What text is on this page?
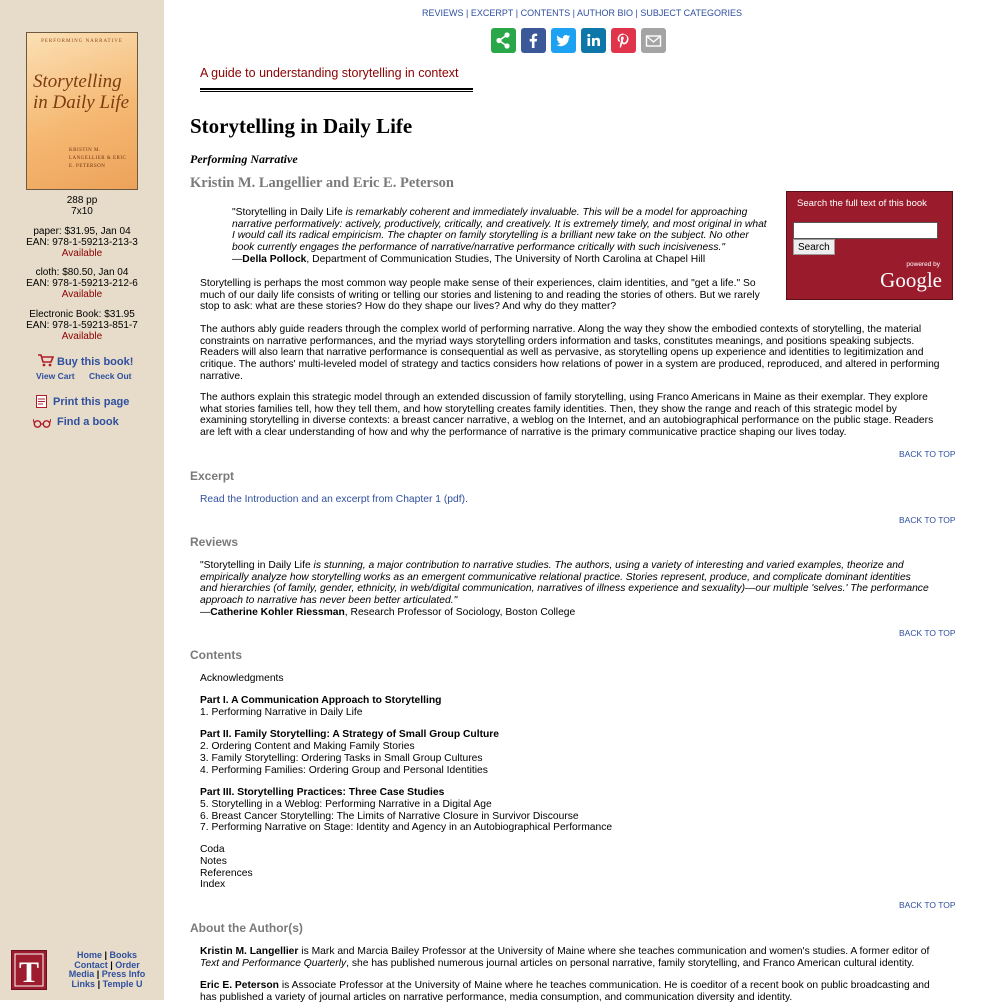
PERFORMING NARRATIVE
Storytelling in Daily Life
KRISTIN M. LANGELLIER & ERIC E. PETERSON
288 pp
7x10
paper: $31.95, Jan 04
EAN: 978-1-59213-213-3
Available
cloth: $80.50, Jan 04
EAN: 978-1-59213-212-6
Available
Electronic Book: $31.95
EAN: 978-1-59213-851-7
Available
Buy this book!
View Cart Check Out
Print this page
Find a book
T
Home | Books
Contact | Order
Media | Press Info
Links | Temple U
REVIEWS | EXCERPT | CONTENTS | AUTHOR BIO | SUBJECT CATEGORIES
A guide to understanding storytelling in context
Storytelling in Daily Life
Performing Narrative
Kristin M. Langellier and Eric E. Peterson
Search the full text of this book
Search
powered by
Google
"Storytelling in Daily Life is remarkably coherent and immediately invaluable. This will be a model for approaching narrative performatively: actively, productively, critically, and creatively. It is extremely timely, and most original in what I would call its radical empiricism. The chapter on family storytelling is a brilliant new take on the subject. No other book currently engages the performance of narrative/narrative performance critically with such incisiveness."
—Della Pollock, Department of Communication Studies, The University of North Carolina at Chapel Hill
Storytelling is perhaps the most common way people make sense of their experiences, claim identities, and "get a life." So much of our daily life consists of writing or telling our stories and listening to and reading the stories of others. But we rarely stop to ask: what are these stories? How do they shape our lives? And why do they matter?
The authors ably guide readers through the complex world of performing narrative. Along the way they show the embodied contexts of storytelling, the material constraints on narrative performances, and the myriad ways storytelling orders information and tasks, constitutes meanings, and positions speaking subjects. Readers will also learn that narrative performance is consequential as well as pervasive, as storytelling opens up experience and identities to legitimization and critique. The authors' multi-leveled model of strategy and tactics considers how relations of power in a system are produced, reproduced, and altered in performing narrative.
The authors explain this strategic model through an extended discussion of family storytelling, using Franco Americans in Maine as their exemplar. They explore what stories families tell, how they tell them, and how storytelling creates family identities. Then, they show the range and reach of this strategic model by examining storytelling in diverse contexts: a breast cancer narrative, a weblog on the Internet, and an autobiographical performance on the public stage. Readers are left with a clear understanding of how and why the performance of narrative is the primary communicative practice shaping our lives today.
BACK TO TOP
Excerpt
Read the Introduction and an excerpt from Chapter 1 (pdf).
BACK TO TOP
Reviews
"Storytelling in Daily Life is stunning, a major contribution to narrative studies. The authors, using a variety of interesting and varied examples, theorize and empirically analyze how storytelling works as an emergent communicative relational practice. Stories represent, produce, and complicate dominant identities and hierarchies (of family, gender, ethnicity, in web/digital communication, narratives of illness experience and sexuality)—our multiple 'selves.' The performance approach to narrative has never been better articulated."
—Catherine Kohler Riessman, Research Professor of Sociology, Boston College
BACK TO TOP
Contents
Acknowledgments
Part I. A Communication Approach to Storytelling
1. Performing Narrative in Daily Life
Part II. Family Storytelling: A Strategy of Small Group Culture
2. Ordering Content and Making Family Stories
3. Family Storytelling: Ordering Tasks in Small Group Cultures
4. Performing Families: Ordering Group and Personal Identities
Part III. Storytelling Practices: Three Case Studies
5. Storytelling in a Weblog: Performing Narrative in a Digital Age
6. Breast Cancer Storytelling: The Limits of Narrative Closure in Survivor Discourse
7. Performing Narrative on Stage: Identity and Agency in an Autobiographical Performance
Coda
Notes
References
Index
BACK TO TOP
About the Author(s)
Kristin M. Langellier is Mark and Marcia Bailey Professor at the University of Maine where she teaches communication and women's studies. A former editor of Text and Performance Quarterly, she has published numerous journal articles on personal narrative, family storytelling, and Franco American cultural identity.
Eric E. Peterson is Associate Professor at the University of Maine where he teaches communication. He is coeditor of a recent book on public broadcasting and has published a variety of journal articles on narrative performance, media consumption, and communication diversity and identity.
